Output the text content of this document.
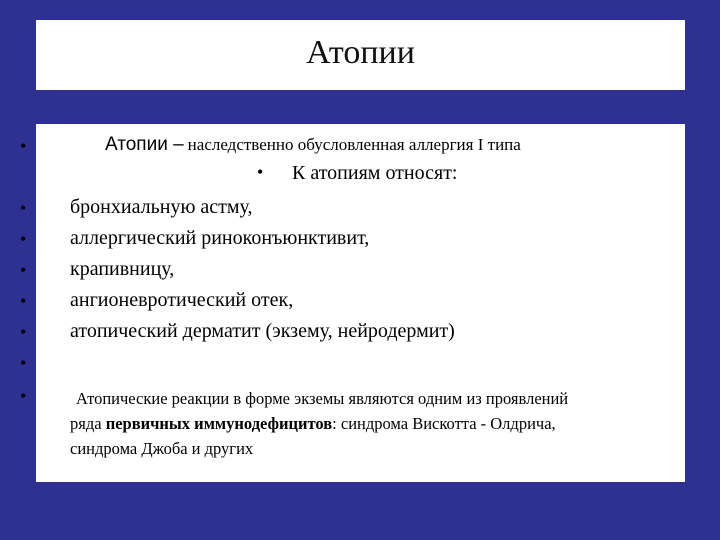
Атопии
•
•
•
•
•
•
•
•
Атопии – наследственно обусловленная аллергия I типа
• К атопиям относят:
бронхиальную астму,
аллергический риноконъюнктивит,
крапивницу,
ангионевротический отек,
атопический дерматит (экзему, нейродермит)
Атопические реакции в форме экземы являются одним из проявлений
ряда первичных иммунодефицитов: синдрома Вискотта - Олдрича,
синдрома Джоба и других
